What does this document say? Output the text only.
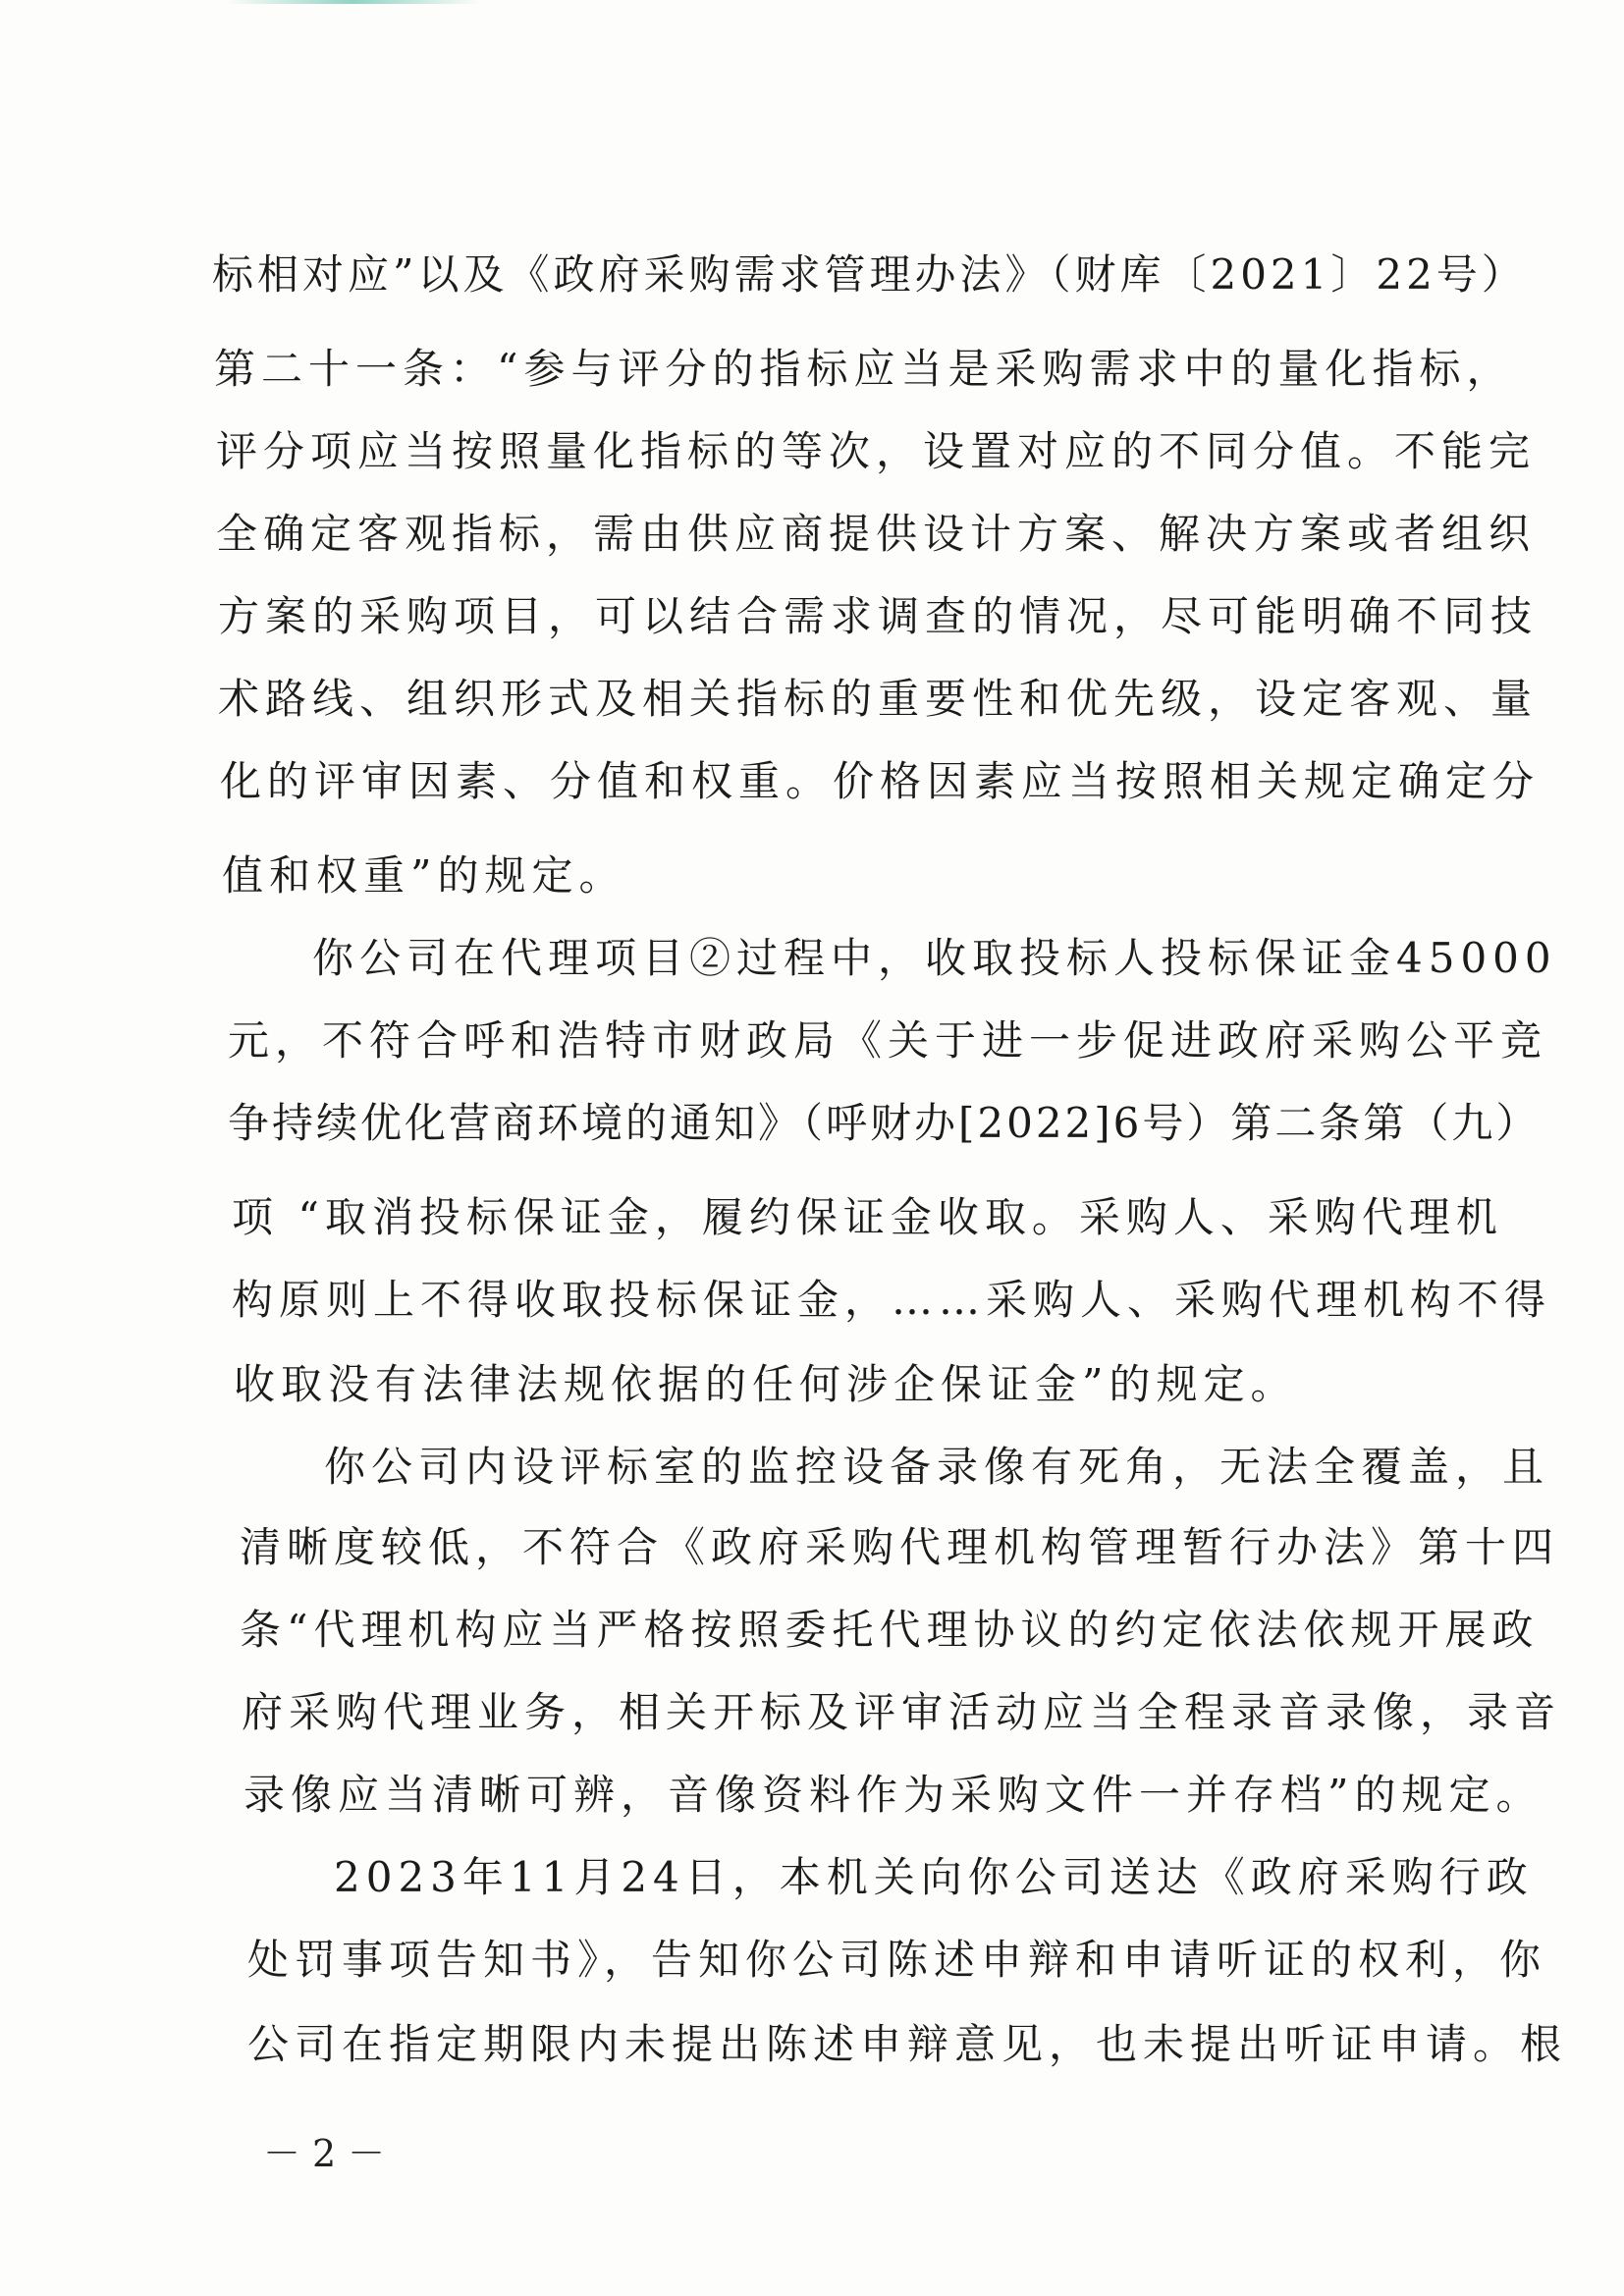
标相对应”以及《政府采购需求管理办法》（财库〔2021〕22号）
第二十一条：“参与评分的指标应当是采购需求中的量化指标，
评分项应当按照量化指标的等次，设置对应的不同分值。不能完
全确定客观指标，需由供应商提供设计方案、解决方案或者组织
方案的采购项目，可以结合需求调查的情况，尽可能明确不同技
术路线、组织形式及相关指标的重要性和优先级，设定客观、量
化的评审因素、分值和权重。价格因素应当按照相关规定确定分
值和权重”的规定。
你公司在代理项目②过程中，收取投标人投标保证金45000
元，不符合呼和浩特市财政局《关于进一步促进政府采购公平竞
争持续优化营商环境的通知》（呼财办[2022]6号）第二条第（九）
项 “取消投标保证金，履约保证金收取。采购人、采购代理机
构原则上不得收取投标保证金，……采购人、采购代理机构不得
收取没有法律法规依据的任何涉企保证金”的规定。
你公司内设评标室的监控设备录像有死角，无法全覆盖，且
清晰度较低，不符合《政府采购代理机构管理暂行办法》第十四
条“代理机构应当严格按照委托代理协议的约定依法依规开展政
府采购代理业务，相关开标及评审活动应当全程录音录像，录音
录像应当清晰可辨，音像资料作为采购文件一并存档”的规定。
2023年11月24日，本机关向你公司送达《政府采购行政
处罚事项告知书》，告知你公司陈述申辩和申请听证的权利，你
公司在指定期限内未提出陈述申辩意见，也未提出听证申请。根
－2－
